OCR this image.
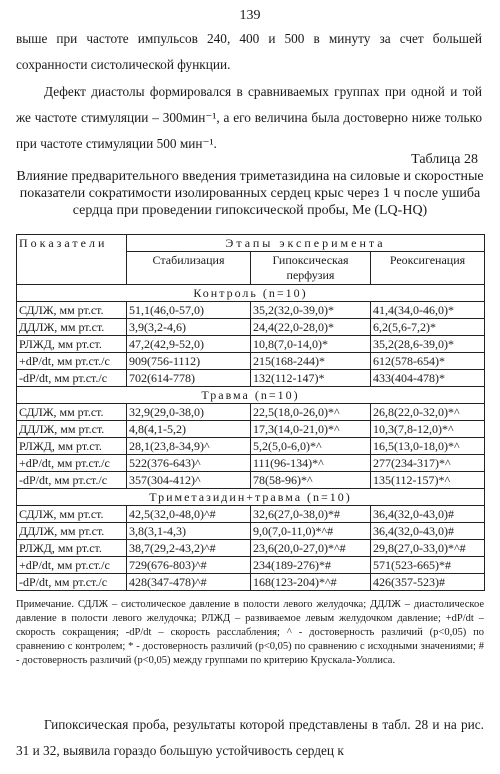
139

выше при частоте импульсов 240, 400 и 500 в минуту за счет большей сохранности систолической функции.

Дефект диастолы формировался в сравниваемых группах при одной и той же частоте стимуляции – 300мин⁻¹, а его величина была достоверно ниже только при частоте стимуляции 500 мин⁻¹.

Таблица 28
Влияние предварительного введения триметазидина на силовые и скоростные показатели сократимости изолированных сердец крыс через 1 ч после ушиба сердца при проведении гипоксической пробы, Me (LQ-HQ)
Показатели	Этапы эксперимента		
	Стабилизация	Гипоксическая перфузия	Реоксигенация
Контроль (n=10)			
СДЛЖ, мм рт.ст.	51,1(46,0-57,0)	35,2(32,0-39,0)*	41,4(34,0-46,0)*
ДДЛЖ, мм рт.ст.	3,9(3,2-4,6)	24,4(22,0-28,0)*	6,2(5,6-7,2)*
РЛЖД, мм рт.ст.	47,2(42,9-52,0)	10,8(7,0-14,0)*	35,2(28,6-39,0)*
+dP/dt, мм рт.ст./с	909(756-1112)	215(168-244)*	612(578-654)*
-dP/dt, мм рт.ст./с	702(614-778)	132(112-147)*	433(404-478)*
Травма (n=10)			
СДЛЖ, мм рт.ст.	32,9(29,0-38,0)	22,5(18,0-26,0)*^	26,8(22,0-32,0)*^
ДДЛЖ, мм рт.ст.	4,8(4,1-5,2)	17,3(14,0-21,0)*^	10,3(7,8-12,0)*^
РЛЖД, мм рт.ст.	28,1(23,8-34,9)^	5,2(5,0-6,0)*^	16,5(13,0-18,0)*^
+dP/dt, мм рт.ст./с	522(376-643)^	111(96-134)*^	277(234-317)*^
-dP/dt, мм рт.ст./с	357(304-412)^	78(58-96)*^	135(112-157)*^
Триметазидин+травма (n=10)			
СДЛЖ, мм рт.ст.	42,5(32,0-48,0)^#	32,6(27,0-38,0)*#	36,4(32,0-43,0)#
ДДЛЖ, мм рт.ст.	3,8(3,1-4,3)	9,0(7,0-11,0)*^#	36,4(32,0-43,0)#
РЛЖД, мм рт.ст.	38,7(29,2-43,2)^#	23,6(20,0-27,0)*^#	29,8(27,0-33,0)*^#
+dP/dt, мм рт.ст./с	729(676-803)^#	234(189-276)*#	571(523-665)*#
-dP/dt, мм рт.ст./с	428(347-478)^#	168(123-204)*^#	426(357-523)#
Примечание. СДЛЖ – систолическое давление в полости левого желудочка; ДДЛЖ – диастолическое давление в полости левого желудочка; РЛЖД – развиваемое левым желудочком давление; +dP/dt – скорость сокращения; -dP/dt – скорость расслабления; ^ - достоверность различий (p<0,05) по сравнению с контролем; * - достоверность различий (p<0,05) по сравнению с исходными значениями; # - достоверность различий (p<0,05) между группами по критерию Крускала-Уоллиса.

Гипоксическая проба, результаты которой представлены в табл. 28 и на рис. 31 и 32, выявила гораздо большую устойчивость сердец к
